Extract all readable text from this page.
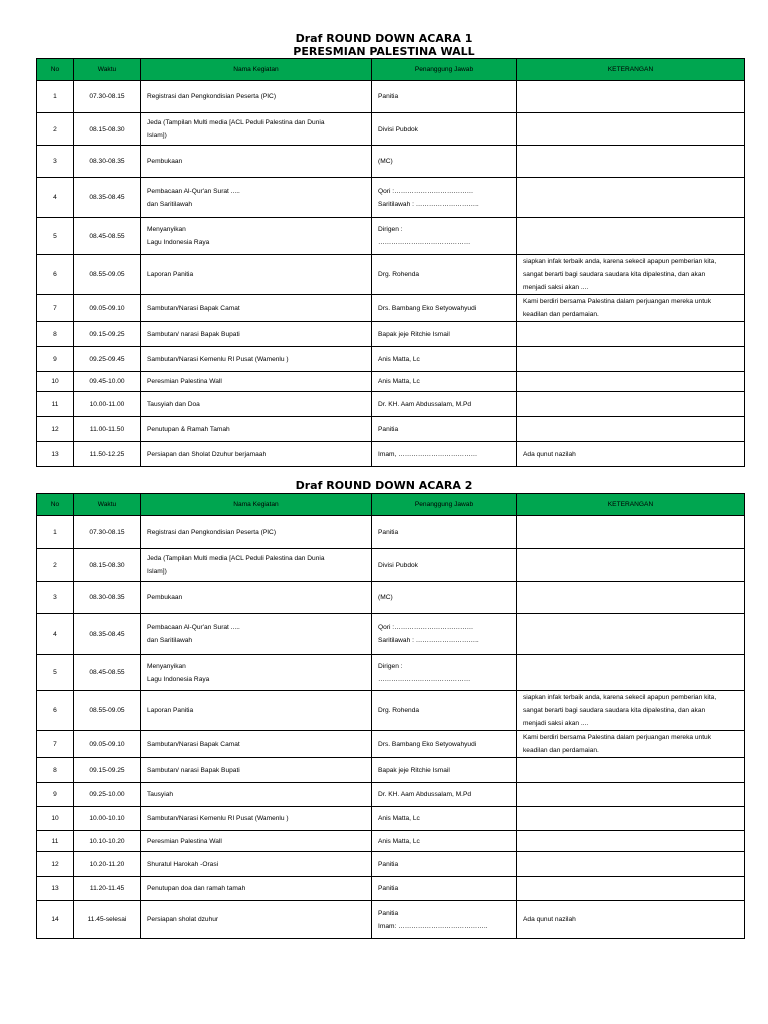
Draf ROUND DOWN ACARA 1
PERESMIAN PALESTINA WALL
No	Waktu	Nama Kegiatan	Penanggung Jawab	KETERANGAN
1	07.30-08.15	Registrasi dan Pengkondisian Peserta (PIC)	Panitia	

2	08.15-08.30	Jeda (Tampilan Multi media [ACL Peduli Palestina dan Dunia
Islam])	Divisi Pubdok	

3	08.30-08.35	Pembukaan	(MC)	

4	08.35-08.45	Pembacaan Al-Qur'an Surat .....
dan Saritilawah	Qori :………………………………
Saritilawah : ………………………..	

5	08.45-08.55	Menyanyikan
Lagu Indonesia Raya	Dirigen :
……………………………………	

6	08.55-09.05	Laporan Panitia	Drg. Rohenda	siapkan infak terbaik anda, karena sekecil apapun pemberian kita,
sangat berarti bagi saudara saudara kita dipalestina, dan akan
menjadi saksi akan ....

7	09.05-09.10	Sambutan/Narasi Bapak Camat	Drs. Bambang Eko Setyowahyudi	Kami berdiri bersama Palestina dalam perjuangan mereka untuk
keadilan dan perdamaian.

8	09.15-09.25	Sambutan/ narasi Bapak Bupati	Bapak jeje Ritchie Ismail	

9	09.25-09.45	Sambutan/Narasi Kemenlu RI Pusat (Wamenlu )	Anis Matta, Lc	

10	09.45-10.00	Peresmian Palestina Wall	Anis Matta, Lc	

11	10.00-11.00	Tausyiah dan Doa	Dr. KH. Aam Abdussalam, M.Pd	

12	11.00-11.50	Penutupan & Ramah Tamah	Panitia	

13	11.50-12.25	Persiapan dan Sholat Dzuhur berjamaah	Imam, ………………………………	Ada qunut nazilah
Draf ROUND DOWN ACARA 2
No	Waktu	Nama Kegiatan	Penanggung Jawab	KETERANGAN
1	07.30-08.15	Registrasi dan Pengkondisian Peserta (PIC)	Panitia	

2	08.15-08.30	Jeda (Tampilan Multi media [ACL Peduli Palestina dan Dunia
Islam])	Divisi Pubdok	

3	08.30-08.35	Pembukaan	(MC)	

4	08.35-08.45	Pembacaan Al-Qur'an Surat .....
dan Saritilawah	Qori :………………………………
Saritilawah : ………………………..	

5	08.45-08.55	Menyanyikan
Lagu Indonesia Raya	Dirigen :
……………………………………	

6	08.55-09.05	Laporan Panitia	Drg. Rohenda	siapkan infak terbaik anda, karena sekecil apapun pemberian kita,
sangat berarti bagi saudara saudara kita dipalestina, dan akan
menjadi saksi akan ....

7	09.05-09.10	Sambutan/Narasi Bapak Camat	Drs. Bambang Eko Setyowahyudi	Kami berdiri bersama Palestina dalam perjuangan mereka untuk
keadilan dan perdamaian.

8	09.15-09.25	Sambutan/ narasi Bapak Bupati	Bapak jeje Ritchie Ismail	

9	09.25-10.00	Tausyiah	Dr. KH. Aam Abdussalam, M.Pd	

10	10.00-10.10	Sambutan/Narasi Kemenlu RI Pusat (Wamenlu )	Anis Matta, Lc	

11	10.10-10.20	Peresmian Palestina Wall	Anis Matta, Lc	

12	10.20-11.20	Shuratul Harokah -Orasi	Panitia	

13	11.20-11.45	Penutupan doa dan ramah tamah	Panitia	

14	11.45-selesai	Persiapan sholat dzuhur	Panitia
Imam: …………………………………..	Ada qunut nazilah
